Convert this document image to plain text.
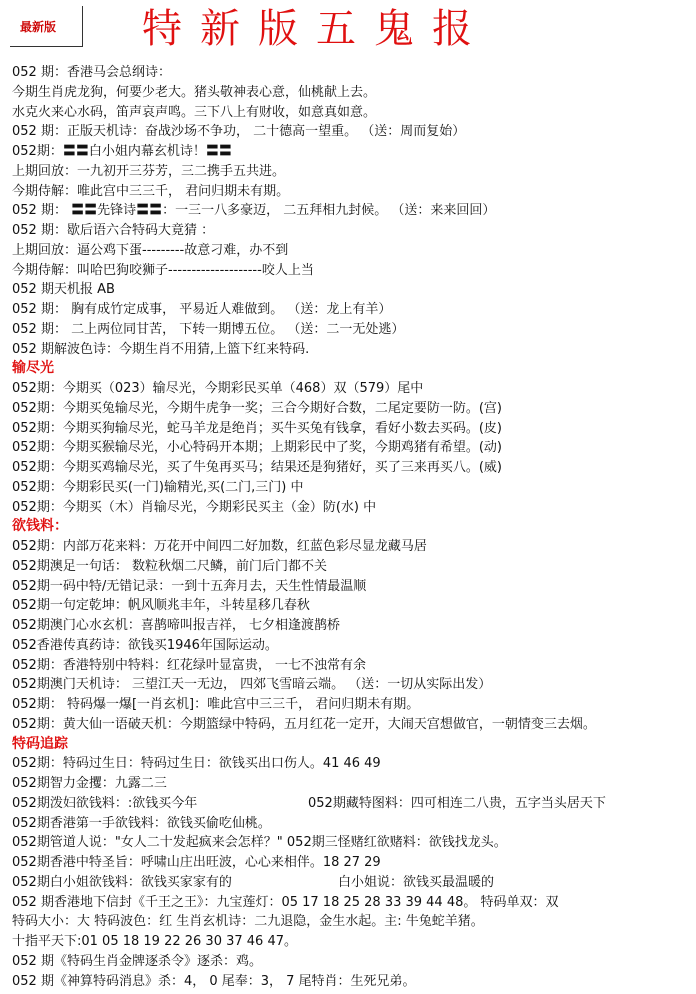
最新版 特新版五鬼报
052 期：香港马会总纲诗：
今期生肖虎龙狗，何要少老大。猪头敬神表心意，仙桃献上去。
水克火来心水码，笛声哀声鸣。三下八上有财收，如意真如意。
052 期：正版天机诗：奋战沙场不争功， 二十德高一望重。 （送：周而复始）
052期：〓〓白小姐内幕玄机诗！〓〓
上期回放：一九初开三芬芳，三二携手五共进。
今期侍解：唯此宫中三三千， 君问归期未有期。
052 期： 〓〓先锋诗〓〓：一三一八多豪迈， 二五拜相九封候。 （送：来来回回）
052 期：歇后语六合特码大竟猜 ：
上期回放：逼公鸡下蛋---------故意刁难，办不到
今期侍解：叫哈巴狗咬狮子--------------------咬人上当
052 期天机报 AB
052 期： 胸有成竹定成事， 平易近人难做到。 （送：龙上有羊）
052 期： 二上两位同甘苦， 下转一期博五位。 （送：二一无处逃）
052 期解波色诗：今期生肖不用猜,上篮下红来特码.
输尽光
052期：今期买（023）输尽光，今期彩民买单（468）双（579）尾中
052期：今期买兔输尽光，今期牛虎争一奖；三合今期好合数，二尾定要防一防。(宫)
052期：今期买狗输尽光，蛇马羊龙是绝肖；买牛买兔有钱拿，看好小数去买码。(皮)
052期：今期买猴输尽光，小心特码开本期；上期彩民中了奖，今期鸡猪有希望。(动)
052期：今期买鸡输尽光，买了牛兔再买马；结果还是狗猪好，买了三来再买八。(威)
052期：今期彩民买(一门)输精光,买(二门,三门) 中
052期：今期买（木）肖输尽光，今期彩民买主（金）防(水) 中
欲钱料：
052期：内部万花来料：万花开中间四二好加数，红蓝色彩尽显龙藏马居
052期澳足一句话： 数粒秋烟二尺鳞，前门后门都不关
052期一码中特/无错记录：一到十五奔月去，天生性情最温顺
052期一句定乾坤：帆风顺兆丰年，斗转星移几春秋
052期澳门心水玄机：喜鹊啼叫报吉祥， 七夕相逢渡鹊桥
052香港传真药诗：欲钱买1946年国际运动。
052期：香港特别中特料：红花绿叶显富贵， 一七不浊常有余
052期澳门天机诗： 三望江天一无边， 四郊飞雪暗云端。 （送：一切从实际出发）
052期： 特码爆一爆[一肖玄机]：唯此宫中三三千， 君问归期未有期。
052期：黄大仙一语破天机：今期篮绿中特码，五月红花一定开，大闹天宫想做官，一朝情变三去烟。
特码追踪
052期：特码过生日：特码过生日：欲钱买出口伤人。41 46 49
052期智力金攫：九露二三
052期泼妇欲钱料：:欲钱买今年	052期藏特图料：四可相连二八贵，五字当头居天下
052期香港第一手欲钱料：欲钱买偷吃仙桃。
052期管道人说："女人二十发起疯来会怎样？" 052期三怪赌红欲赌料：欲钱找龙头。
052期香港中特圣旨：呼啸山庄出旺波，心心来相伴。18 27 29
052期白小姐欲钱料：欲钱买家家有的	白小姐说：欲钱买最温暖的
052 期香港地下信封《千王之王》：九宝莲灯：05 17 18 25 28 33 39 44 48。 特码单双：双
特码大小：大 特码波色：红 生肖玄机诗：二九退隐，金生水起。主: 牛兔蛇羊猪。
十指平天下:01 05 18 19 22 26 30 37 46 47。
052 期《特码生肖金牌逐杀令》逐杀：鸡。
052 期《神算特码消息》杀：4， 0 尾奉：3， 7 尾特肖：生死兄弟。
